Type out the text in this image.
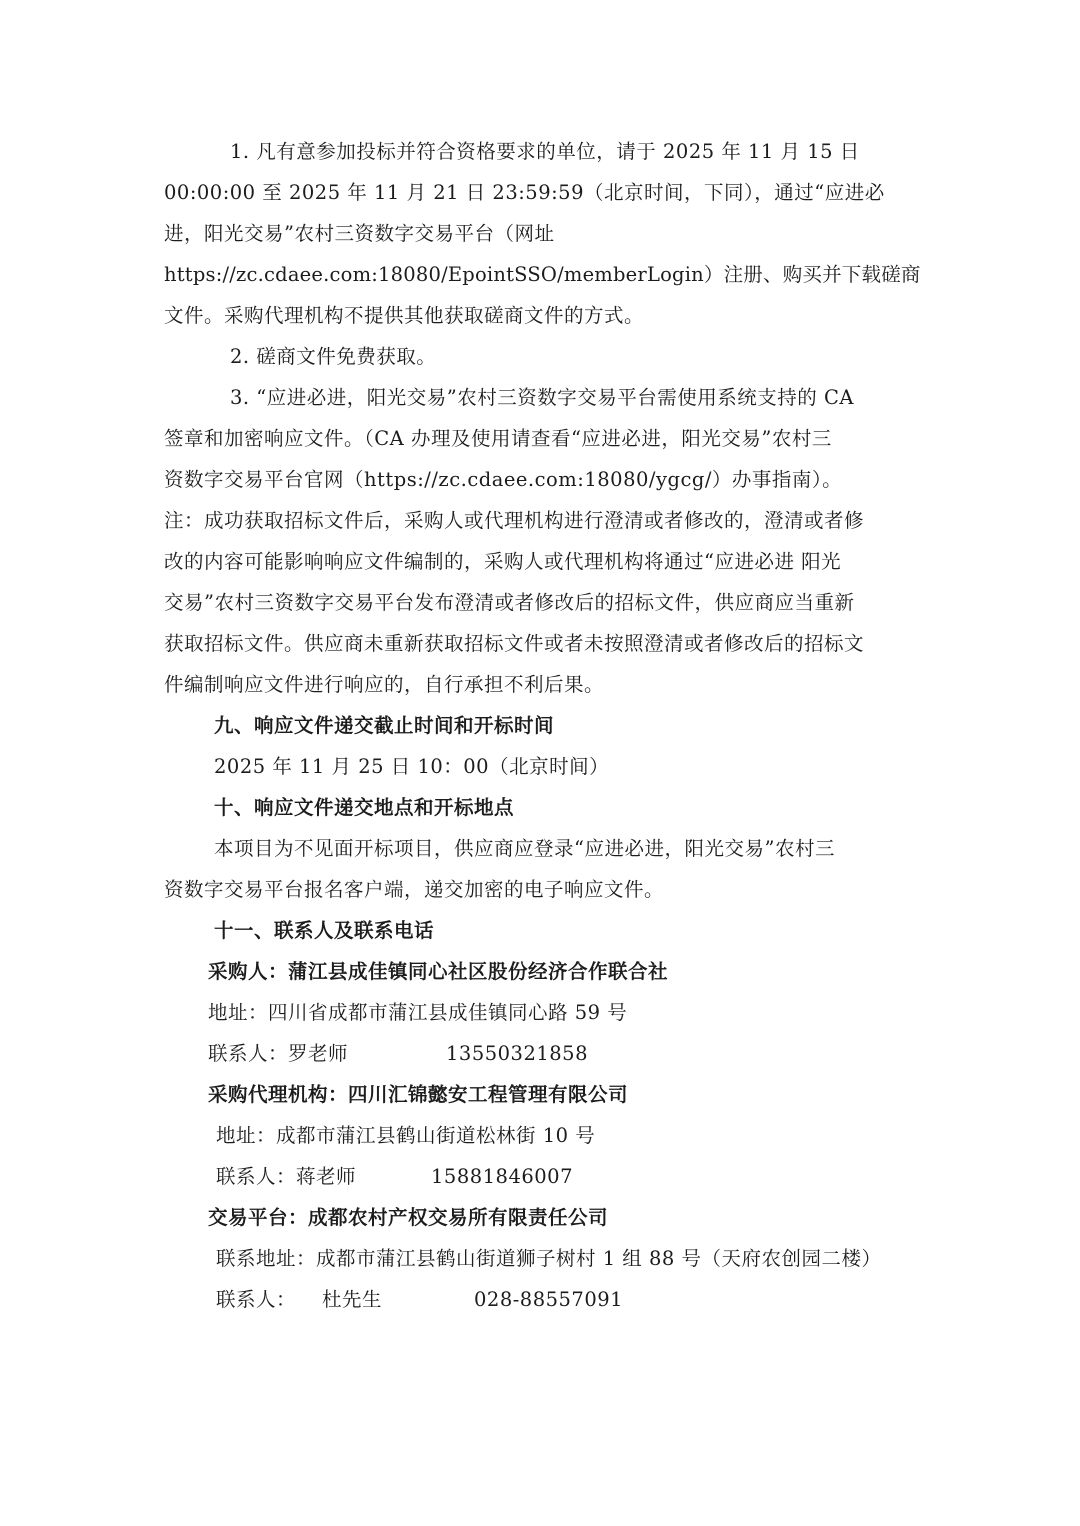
1. 凡有意参加投标并符合资格要求的单位，请于 2025 年 11 月 15 日
00:00:00 至 2025 年 11 月 21 日 23:59:59（北京时间，下同），通过“应进必
进，阳光交易”农村三资数字交易平台（网址
https://zc.cdaee.com:18080/EpointSSO/memberLogin）注册、购买并下载磋商
文件。采购代理机构不提供其他获取磋商文件的方式。
2. 磋商文件免费获取。
3. “应进必进，阳光交易”农村三资数字交易平台需使用系统支持的 CA
签章和加密响应文件。（CA 办理及使用请查看“应进必进，阳光交易”农村三
资数字交易平台官网（https://zc.cdaee.com:18080/ygcg/）办事指南）。
注：成功获取招标文件后，采购人或代理机构进行澄清或者修改的，澄清或者修
改的内容可能影响响应文件编制的，采购人或代理机构将通过“应进必进 阳光
交易”农村三资数字交易平台发布澄清或者修改后的招标文件，供应商应当重新
获取招标文件。供应商未重新获取招标文件或者未按照澄清或者修改后的招标文
件编制响应文件进行响应的，自行承担不利后果。
九、响应文件递交截止时间和开标时间
2025 年 11 月 25 日 10：00（北京时间）
十、响应文件递交地点和开标地点
本项目为不见面开标项目，供应商应登录“应进必进，阳光交易”农村三
资数字交易平台报名客户端，递交加密的电子响应文件。
十一、联系人及联系电话
采购人：蒲江县成佳镇同心社区股份经济合作联合社
地址：四川省成都市蒲江县成佳镇同心路 59 号
联系人：罗老师	13550321858
采购代理机构：四川汇锦懿安工程管理有限公司
地址：成都市蒲江县鹤山街道松林街 10 号
联系人：蒋老师	15881846007
交易平台：成都农村产权交易所有限责任公司
联系地址：成都市蒲江县鹤山街道狮子树村 1 组 88 号（天府农创园二楼）
联系人： 杜先生	028-88557091
